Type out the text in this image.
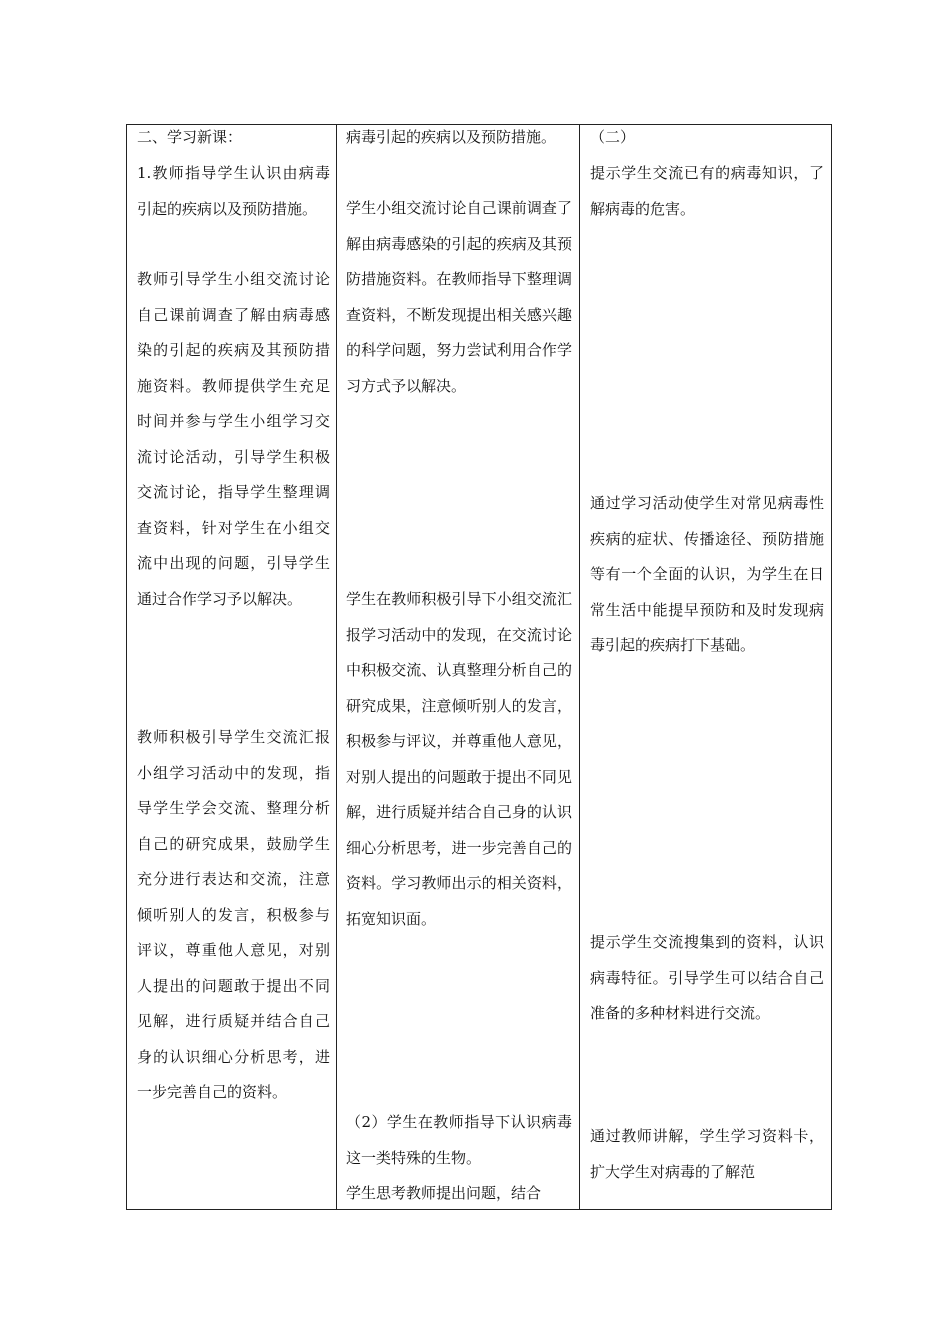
二、学习新课：

1.教师指导学生认识由病毒引起的疾病以及预防措施。

教师引导学生小组交流讨论自己课前调查了解由病毒感染的引起的疾病及其预防措施资料。教师提供学生充足时间并参与学生小组学习交流讨论活动，引导学生积极交流讨论，指导学生整理调查资料，针对学生在小组交流中出现的问题，引导学生通过合作学习予以解决。

教师积极引导学生交流汇报小组学习活动中的发现，指导学生学会交流、整理分析自己的研究成果，鼓励学生充分进行表达和交流，注意倾听别人的发言，积极参与评议，尊重他人意见，对别人提出的问题敢于提出不同见解，进行质疑并结合自己身的认识细心分析思考，进一步完善自己的资料。

病毒引起的疾病以及预防措施。

学生小组交流讨论自己课前调查了解由病毒感染的引起的疾病及其预防措施资料。在教师指导下整理调查资料，不断发现提出相关感兴趣的科学问题，努力尝试利用合作学习方式予以解决。

学生在教师积极引导下小组交流汇报学习活动中的发现，在交流讨论中积极交流、认真整理分析自己的研究成果，注意倾听别人的发言，积极参与评议，并尊重他人意见，对别人提出的问题敢于提出不同见解，进行质疑并结合自己身的认识细心分析思考，进一步完善自己的资料。学习教师出示的相关资料，拓宽知识面。

（2）学生在教师指导下认识病毒这一类特殊的生物。

学生思考教师提出问题，结合

（二）

提示学生交流已有的病毒知识，了解病毒的危害。

通过学习活动使学生对常见病毒性疾病的症状、传播途径、预防措施等有一个全面的认识，为学生在日常生活中能提早预防和及时发现病毒引起的疾病打下基础。

提示学生交流搜集到的资料，认识病毒特征。引导学生可以结合自己准备的多种材料进行交流。

通过教师讲解，学生学习资料卡，扩大学生对病毒的了解范
